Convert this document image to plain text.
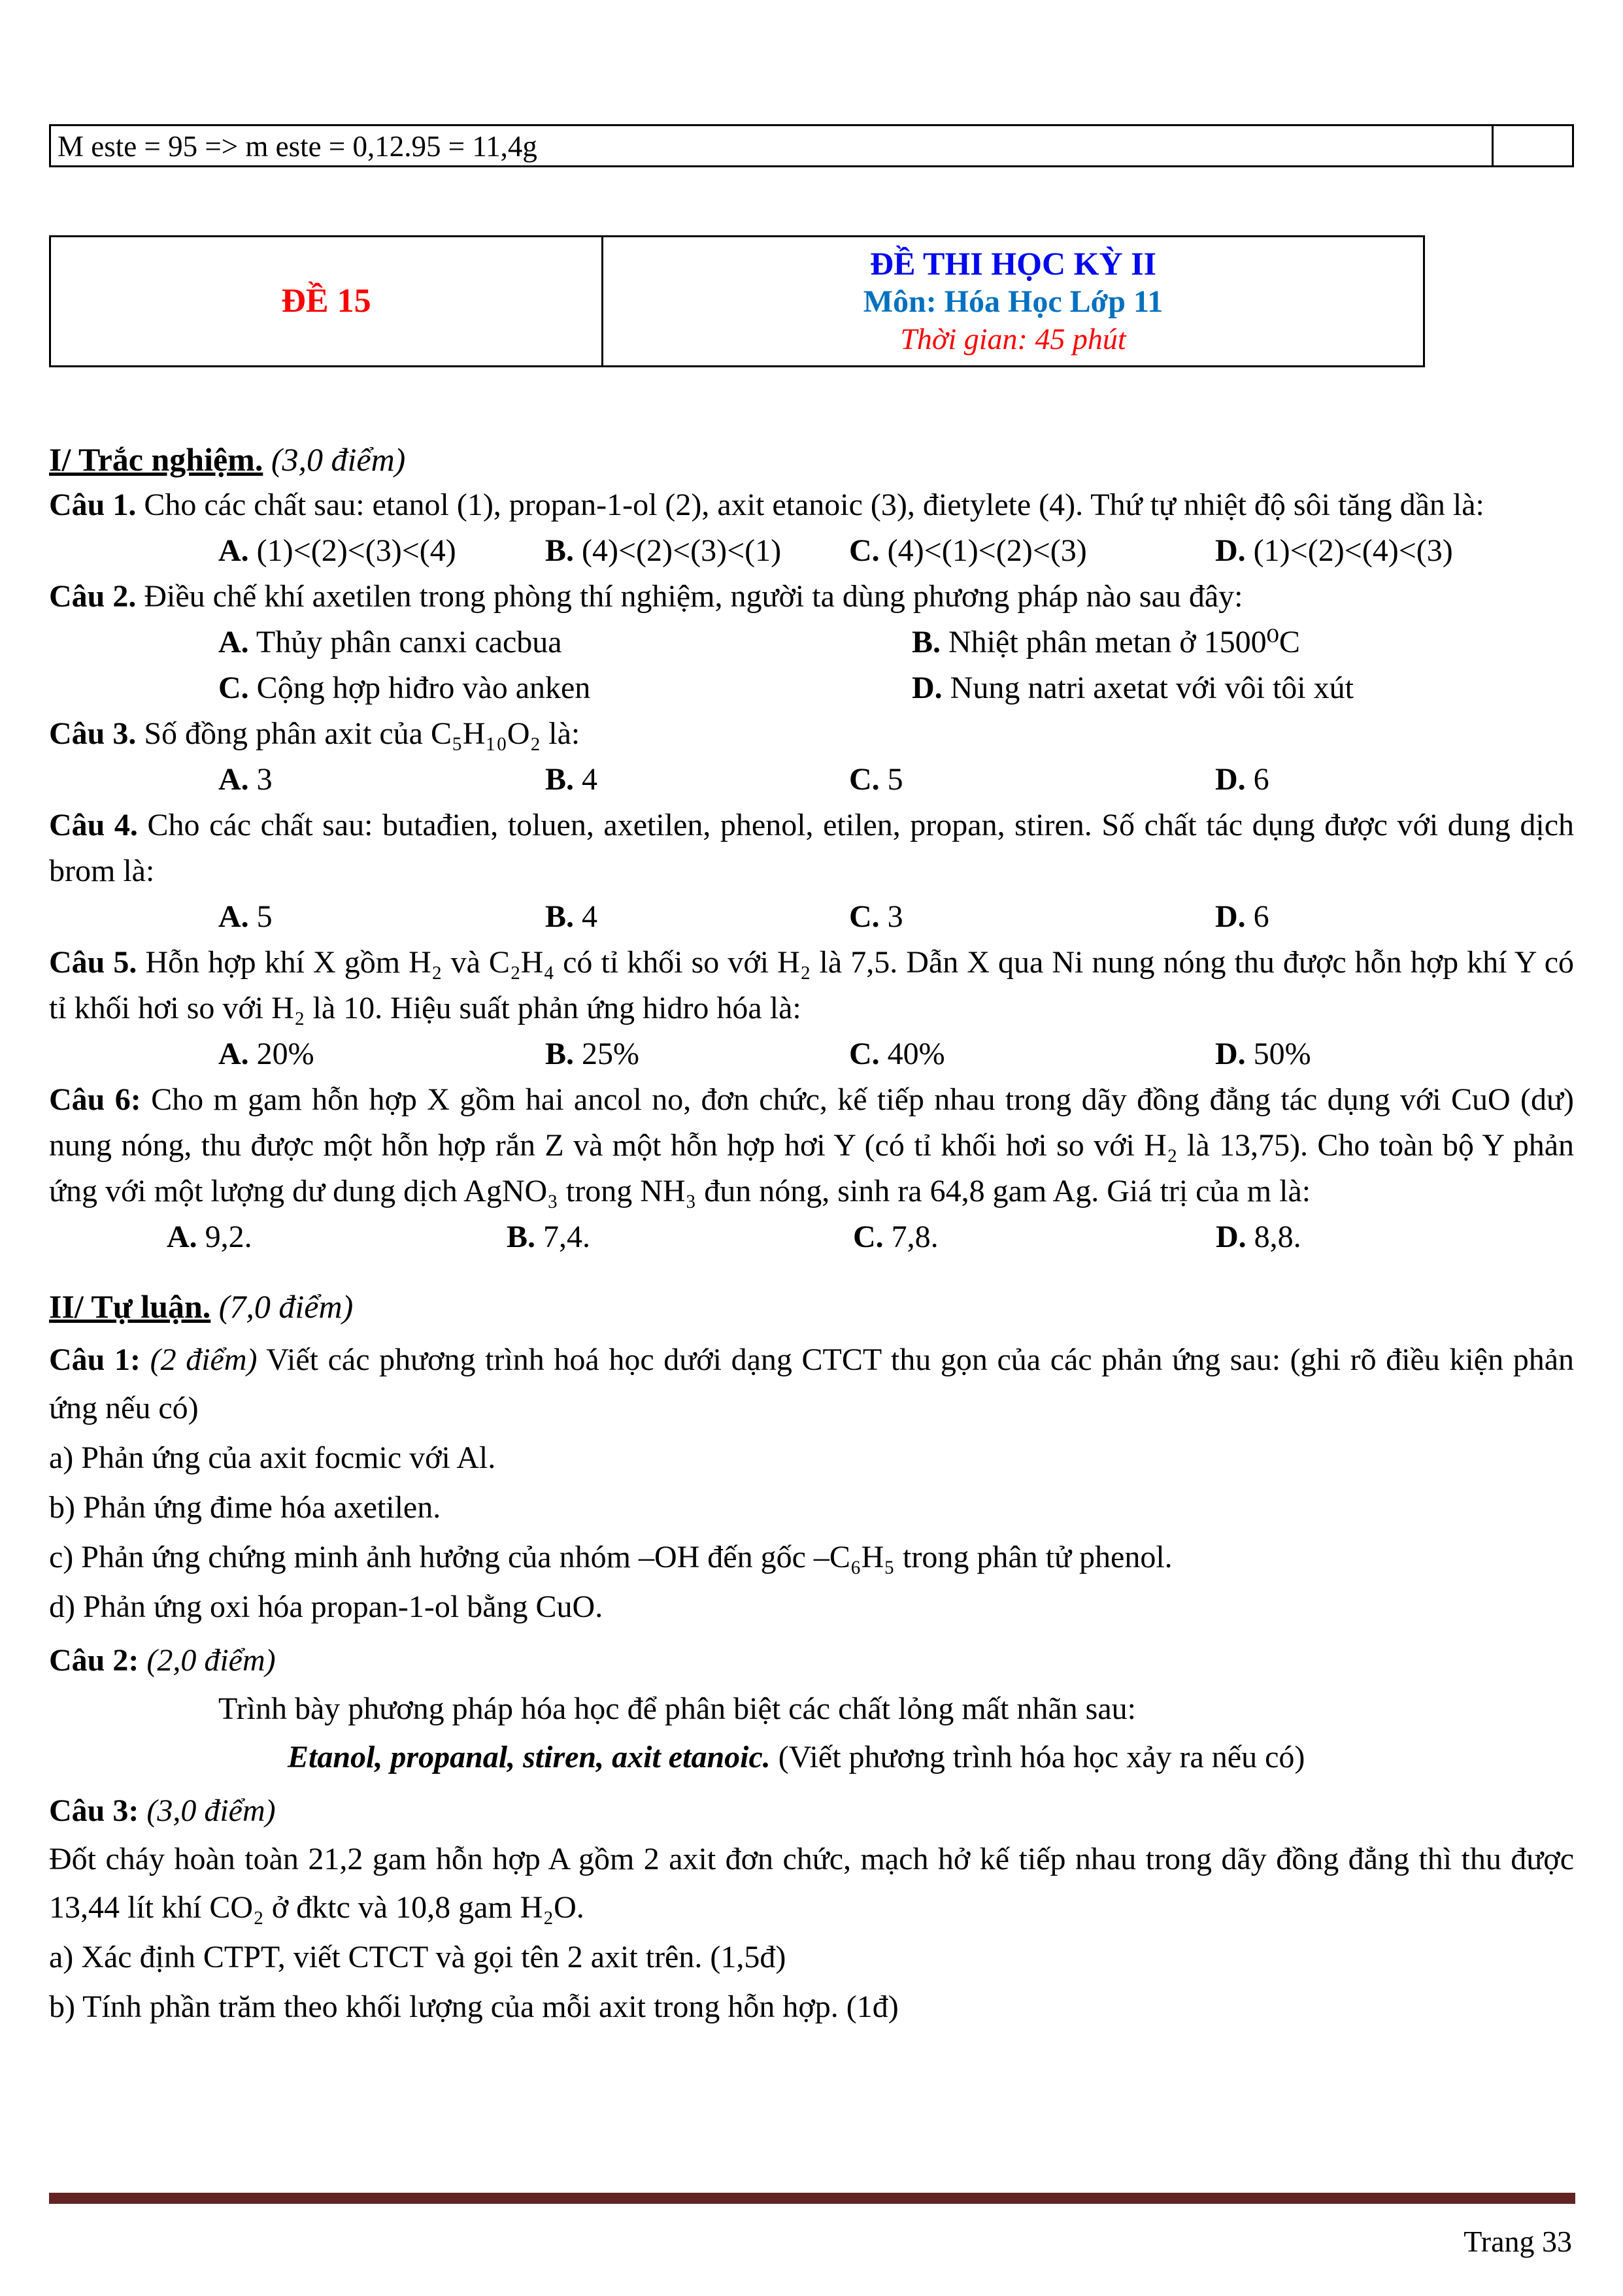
M este = 95 => m este = 0,12.95 = 11,4g
ĐỀ 15
ĐỀ THI HỌC KỲ II
Môn: Hóa Học Lớp 11
Thời gian: 45 phút
I/ Trắc nghiệm. (3,0 điểm)

Câu 1. Cho các chất sau: etanol (1), propan-1-ol (2), axit etanoic (3), đietylete (4). Thứ tự nhiệt độ sôi tăng dần là:

A. (1)<(2)<(3)<(4)	B. (4)<(2)<(3)<(1)	C. (4)<(1)<(2)<(3)	D. (1)<(2)<(4)<(3)

Câu 2. Điều chế khí axetilen trong phòng thí nghiệm, người ta dùng phương pháp nào sau đây:

A. Thủy phân canxi cacbua	B. Nhiệt phân metan ở 1500⁰C
C. Cộng hợp hiđro vào anken	D. Nung natri axetat với vôi tôi xút

Câu 3. Số đồng phân axit của C₅H₁₀O₂ là:

A. 3	B. 4	C. 5	D. 6

Câu 4. Cho các chất sau: butađien, toluen, axetilen, phenol, etilen, propan, stiren. Số chất tác dụng được với dung dịch brom là:

A. 5	B. 4	C. 3	D. 6

Câu 5. Hỗn hợp khí X gồm H₂ và C₂H₄ có tỉ khối so với H₂ là 7,5. Dẫn X qua Ni nung nóng thu được hỗn hợp khí Y có tỉ khối hơi so với H₂ là 10. Hiệu suất phản ứng hidro hóa là:

A. 20%	B. 25%	C. 40%	D. 50%

Câu 6: Cho m gam hỗn hợp X gồm hai ancol no, đơn chức, kế tiếp nhau trong dãy đồng đẳng tác dụng với CuO (dư) nung nóng, thu được một hỗn hợp rắn Z và một hỗn hợp hơi Y (có tỉ khối hơi so với H₂ là 13,75). Cho toàn bộ Y phản ứng với một lượng dư dung dịch AgNO₃ trong NH₃ đun nóng, sinh ra 64,8 gam Ag. Giá trị của m là:

A. 9,2.	B. 7,4.	C. 7,8.	D. 8,8.
II/ Tự luận. (7,0 điểm)

Câu 1: (2 điểm) Viết các phương trình hoá học dưới dạng CTCT thu gọn của các phản ứng sau: (ghi rõ điều kiện phản ứng nếu có)

a) Phản ứng của axit focmic với Al.

b) Phản ứng đime hóa axetilen.

c) Phản ứng chứng minh ảnh hưởng của nhóm –OH đến gốc –C₆H₅ trong phân tử phenol.

d) Phản ứng oxi hóa propan-1-ol bằng CuO.

Câu 2: (2,0 điểm)

Trình bày phương pháp hóa học để phân biệt các chất lỏng mất nhãn sau:

Etanol, propanal, stiren, axit etanoic. (Viết phương trình hóa học xảy ra nếu có)

Câu 3: (3,0 điểm)

Đốt cháy hoàn toàn 21,2 gam hỗn hợp A gồm 2 axit đơn chức, mạch hở kế tiếp nhau trong dãy đồng đẳng thì thu được 13,44 lít khí CO₂ ở đktc và 10,8 gam H₂O.

a) Xác định CTPT, viết CTCT và gọi tên 2 axit trên. (1,5đ)

b) Tính phần trăm theo khối lượng của mỗi axit trong hỗn hợp. (1đ)

Trang 33
